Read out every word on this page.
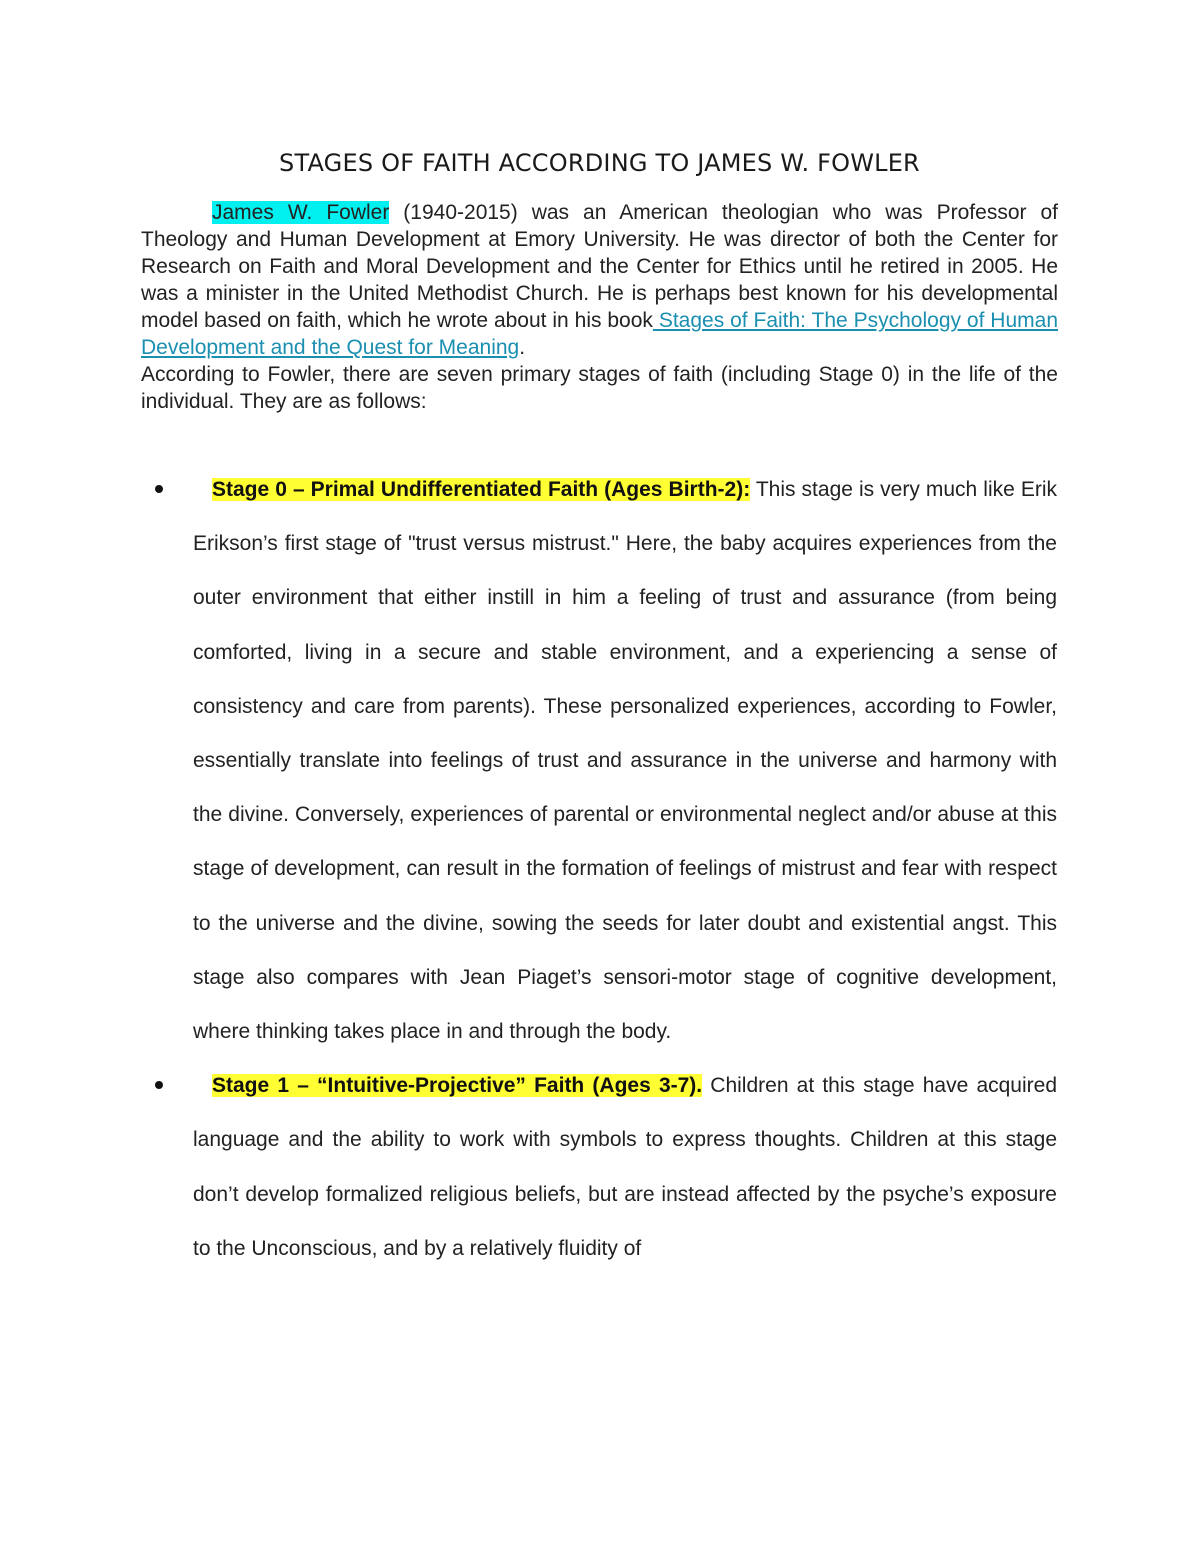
STAGES OF FAITH ACCORDING TO JAMES W. FOWLER

James W. Fowler (1940-2015) was an American theologian who was Professor of Theology and Human Development at Emory University. He was director of both the Center for Research on Faith and Moral Development and the Center for Ethics until he retired in 2005. He was a minister in the United Methodist Church. He is perhaps best known for his developmental model based on faith, which he wrote about in his book Stages of Faith: The Psychology of Human Development and the Quest for Meaning.

According to Fowler, there are seven primary stages of faith (including Stage 0) in the life of the individual. They are as follows:

Stage 0 – Primal Undifferentiated Faith (Ages Birth-2): This stage is very much like Erik Erikson’s first stage of "trust versus mistrust." Here, the baby acquires experiences from the outer environment that either instill in him a feeling of trust and assurance (from being comforted, living in a secure and stable environment, and a experiencing a sense of consistency and care from parents). These personalized experiences, according to Fowler, essentially translate into feelings of trust and assurance in the universe and harmony with the divine. Conversely, experiences of parental or environmental neglect and/or abuse at this stage of development, can result in the formation of feelings of mistrust and fear with respect to the universe and the divine, sowing the seeds for later doubt and existential angst. This stage also compares with Jean Piaget’s sensori-motor stage of cognitive development, where thinking takes place in and through the body.
Stage 1 – “Intuitive-Projective” Faith (Ages 3-7). Children at this stage have acquired language and the ability to work with symbols to express thoughts. Children at this stage don’t develop formalized religious beliefs, but are instead affected by the psyche’s exposure to the Unconscious, and by a relatively fluidity of
